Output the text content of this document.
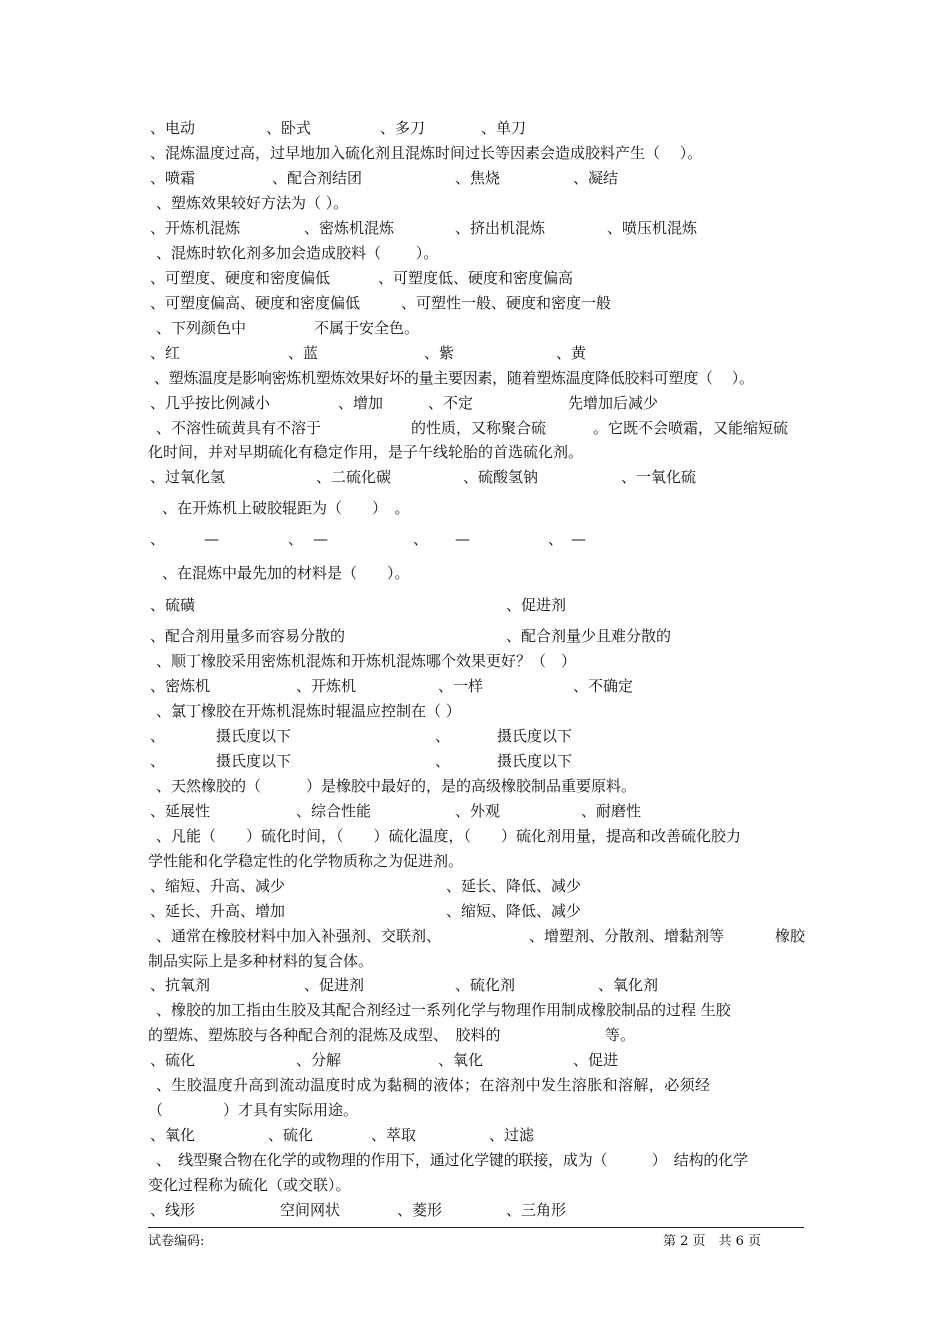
、电动	、卧式	、多刀	、单刀
、混炼温度过高，过早地加入硫化剂且混炼时间过长等因素会造成胶料产生（　 ）。
、喷霜	、配合剂结团	、焦烧	、凝结
、塑炼效果较好方法为（ ）。
、开炼机混炼	、密炼机混炼	、挤出机混炼	、喷压机混炼
、混炼时软化剂多加会造成胶料（　　 ）。
、可塑度、硬度和密度偏低	、可塑度低、硬度和密度偏高
、可塑度偏高、硬度和密度偏低	、可塑性一般、硬度和密度一般
、下列颜色中	不属于安全色。
、红	、蓝	、紫	、黄
、塑炼温度是影响密炼机塑炼效果好坏的量主要因素，随着塑炼温度降低胶料可塑度（　 ）。
、几乎按比例减小	、增加	、不定	先增加后减少
、不溶性硫黄具有不溶于	的性质，又称聚合硫	。它既不会喷霜，又能缩短硫
化时间，并对早期硫化有稳定作用，是子午线轮胎的首选硫化剂。
、过氧化氢	、二硫化碳	、硫酸氢钠	、一氧化硫
、在开炼机上破胶辊距为（　　）　。
、	—	、 —	、 —	、 —
、在混炼中最先加的材料是（　　）。
、硫磺	、促进剂
、配合剂用量多而容易分散的	、配合剂量少且难分散的
、顺丁橡胶采用密炼机混炼和开炼机混炼哪个效果更好？（　）
、密炼机	、开炼机	、一样	、不确定
、氯丁橡胶在开炼机混炼时辊温应控制在（ ）
、	摄氏度以下	、	摄氏度以下
、	摄氏度以下	、	摄氏度以下
、天然橡胶的（　　　）是橡胶中最好的，是的高级橡胶制品重要原料。
、延展性	、综合性能	、外观	、耐磨性
、凡能（　　）硫化时间，（　　）硫化温度，（　　）硫化剂用量，提高和改善硫化胶力
学性能和化学稳定性的化学物质称之为促进剂。
、缩短、升高、减少	、延长、降低、减少
、延长、升高、增加	、缩短、降低、减少
、通常在橡胶材料中加入补强剂、交联剂、	、增塑剂、分散剂、增黏剂等	橡胶
制品实际上是多种材料的复合体。
、抗氧剂	、促进剂	、硫化剂	、氧化剂
、橡胶的加工指由生胶及其配合剂经过一系列化学与物理作用制成橡胶制品的过程 生胶
的塑炼、塑炼胶与各种配合剂的混炼及成型、　胶料的	等。
、硫化	、分解	、氧化	、促进
、生胶温度升高到流动温度时成为黏稠的液体；在溶剂中发生溶胀和溶解，必须经
（　　　　）才具有实际用途。
、氧化	、硫化	、萃取	、过滤
、　线型聚合物在化学的或物理的作用下，通过化学键的联接，成为（　　　）　结构的化学
变化过程称为硫化（或交联）。
、线形	空间网状	、菱形	、三角形
试卷编码:	第 2 页　共 6 页
